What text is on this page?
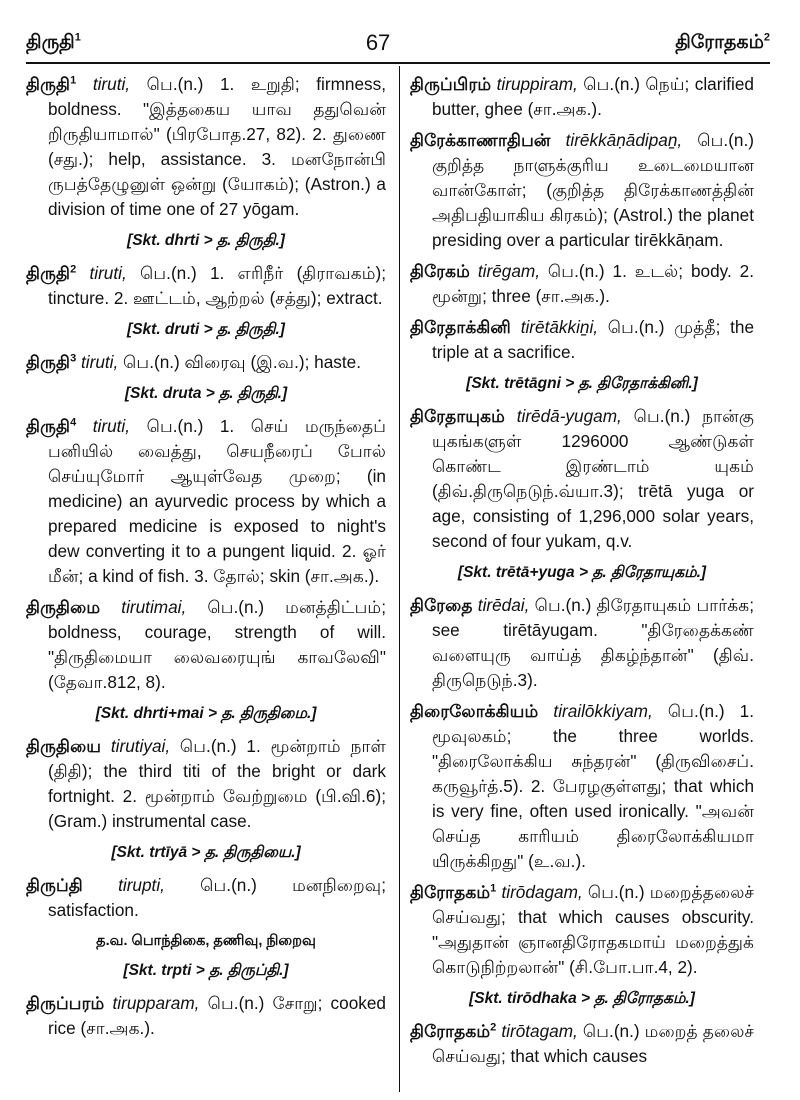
திருதி$^1$	67	திரோதகம்$^2$
திருதி$^1$ tiruti, பெ.(n.) 1. உறுதி; firmness, boldness. "இத்தகைய யாவ ததுவென் றிருதியாமால்" (பிரபோத.27, 82). 2. துணை (சது.); help, assistance. 3. மனநோன்பி ருபத்தேழுனுள் ஒன்று (யோகம்); (Astron.) a division of time one of 27 yōgam.
[Skt. dhrti > த. திருதி.]
திருதி$^2$ tiruti, பெ.(n.) 1. எரிநீர் (திராவகம்); tincture. 2. ஊட்டம், ஆற்றல் (சத்து); extract.
[Skt. druti > த. திருதி.]
திருதி$^3$ tiruti, பெ.(n.) விரைவு (இ.வ.); haste.
[Skt. druta > த. திருதி.]
திருதி$^4$ tiruti, பெ.(n.) 1. செய் மருந்தைப் பனியில் வைத்து, செயநீரைப் போல் செய்யுமோர் ஆயுள்வேத முறை; (in medicine) an ayurvedic process by which a prepared medicine is exposed to night's dew converting it to a pungent liquid. 2. ஓர் மீன்; a kind of fish. 3. தோல்; skin (சா.அக.).
திருதிமை tirutimai, பெ.(n.) மனத்திட்பம்; boldness, courage, strength of will. "திருதிமையா லைவரையுங் காவலேவி" (தேவா.812, 8).
[Skt. dhrti+mai > த. திருதிமை.]
திருதியை tirutiyai, பெ.(n.) 1. மூன்றாம் நாள் (திதி); the third titi of the bright or dark fortnight. 2. மூன்றாம் வேற்றுமை (பி.வி.6); (Gram.) instrumental case.
[Skt. trtīyā > த. திருதியை.]
திருப்தி tirupti, பெ.(n.) மனநிறைவு; satisfaction.
த.வ. பொந்திகை, தணிவு, நிறைவு
[Skt. trpti > த. திருப்தி.]
திருப்பரம் tirupparam, பெ.(n.) சோறு; cooked rice (சா.அக.).
திருப்பிரம் tiruppiram, பெ.(n.) நெய்; clarified butter, ghee (சா.அக.).
திரேக்காணாதிபன் tirēkkāṇādipaṉ, பெ.(n.) குறித்த நாளுக்குரிய உடைமையான வான்கோள்; (குறித்த திரேக்காணத்தின் அதிபதியாகிய கிரகம்); (Astrol.) the planet presiding over a particular tirēkkāṇam.
திரேகம் tirēgam, பெ.(n.) 1. உடல்; body. 2. மூன்று; three (சா.அக.).
திரேதாக்கினி tirētākkiṉi, பெ.(n.) முத்தீ; the triple at a sacrifice.
[Skt. trētāgni > த. திரேதாக்கினி.]
திரேதாயுகம் tirēdā-yugam, பெ.(n.) நான்கு யுகங்களுள் 1296000 ஆண்டுகள் கொண்ட இரண்டாம் யுகம் (திவ்.திருநெடுந்.வ்யா.3); trētā yuga or age, consisting of 1,296,000 solar years, second of four yukam, q.v.
[Skt. trētā+yuga > த. திரேதாயுகம்.]
திரேதை tirēdai, பெ.(n.) திரேதாயுகம் பார்க்க; see tirētāyugam. "திரேதைக்கண் வளையுரு வாய்த் திகழ்ந்தான்" (திவ். திருநெடுந்.3).
திரைலோக்கியம் tirailōkkiyam, பெ.(n.) 1. மூவுலகம்; the three worlds. "திரைலோக்கிய சுந்தரன்" (திருவிசைப். கருவூர்த்.5). 2. பேரழகுள்ளது; that which is very fine, often used ironically. "அவன் செய்த காரியம் திரைலோக்கியமா யிருக்கிறது" (உ.வ.).
திரோதகம்$^1$ tirōdagam, பெ.(n.) மறைத்தலைச் செய்வது; that which causes obscurity. "அதுதான் ஞானதிரோதகமாய் மறைத்துக் கொடுநிற்றலான்" (சி.போ.பா.4, 2).
[Skt. tirōdhaka > த. திரோதகம்.]
திரோதகம்$^2$ tirōtagam, பெ.(n.) மறைத் தலைச் செய்வது; that which causes
